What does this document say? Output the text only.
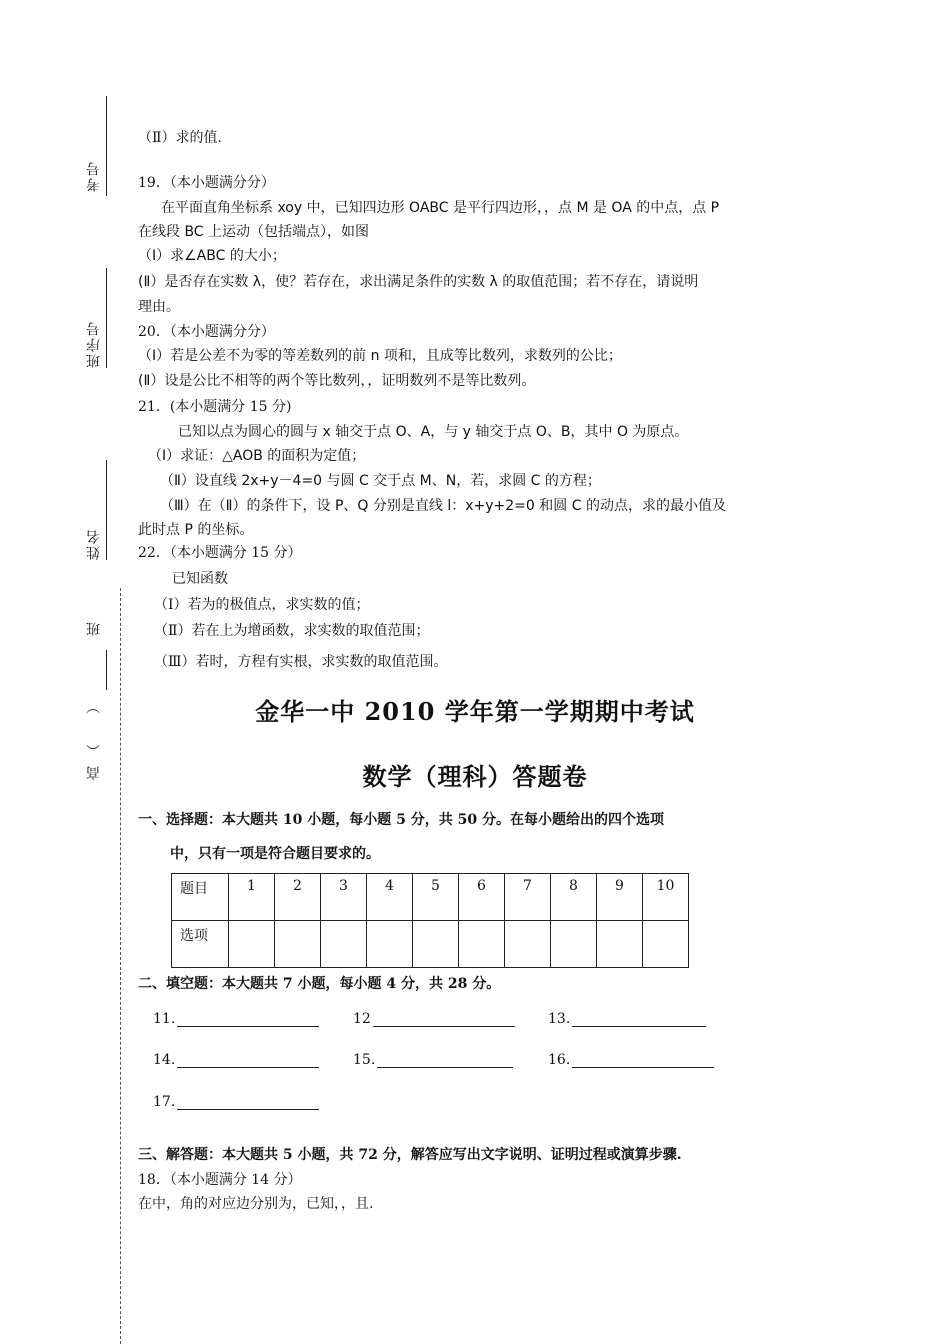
考号
班序号
姓名
班
高（　）
（Ⅱ）求的值.
19．（本小题满分分）
在平面直角坐标系 xoy 中，已知四边形 OABC 是平行四边形，，点 M 是 OA 的中点，点 P
在线段 BC 上运动（包括端点），如图
（Ⅰ）求∠ABC 的大小；
(Ⅱ）是否存在实数 λ，使？若存在，求出满足条件的实数 λ 的取值范围；若不存在，请说明
理由。
20．（本小题满分分）
（Ⅰ）若是公差不为零的等差数列的前 n 项和，且成等比数列，求数列的公比；
(Ⅱ）设是公比不相等的两个等比数列，，证明数列不是等比数列。
21．(本小题满分 15 分)
已知以点为圆心的圆与 x 轴交于点 O、A，与 y 轴交于点 O、B，其中 O 为原点。
（Ⅰ）求证：△AOB 的面积为定值；
（Ⅱ）设直线 2x+y－4=0 与圆 C 交于点 M、N，若，求圆 C 的方程；
（Ⅲ）在（Ⅱ）的条件下，设 P、Q 分别是直线 l：x+y+2=0 和圆 C 的动点，求的最小值及
此时点 P 的坐标。
22．（本小题满分 15 分）
已知函数
（Ⅰ）若为的极值点，求实数的值；
（Ⅱ）若在上为增函数，求实数的取值范围；
（Ⅲ）若时，方程有实根，求实数的取值范围。
金华一中 2010 学年第一学期期中考试
数学（理科）答题卷
一、选择题：本大题共 10 小题，每小题 5 分，共 50 分。在每小题给出的四个选项
中，只有一项是符合题目要求的。
题目	1	2	3	4	5	6	7	8	9	10
选项										
二、填空题：本大题共 7 小题，每小题 4 分，共 28 分。
11.	12	13.
14.	15.	16.
17.
三、解答题：本大题共 5 小题，共 72 分，解答应写出文字说明、证明过程或演算步骤.
18．（本小题满分 14 分）
在中，角的对应边分别为，已知，，且.
